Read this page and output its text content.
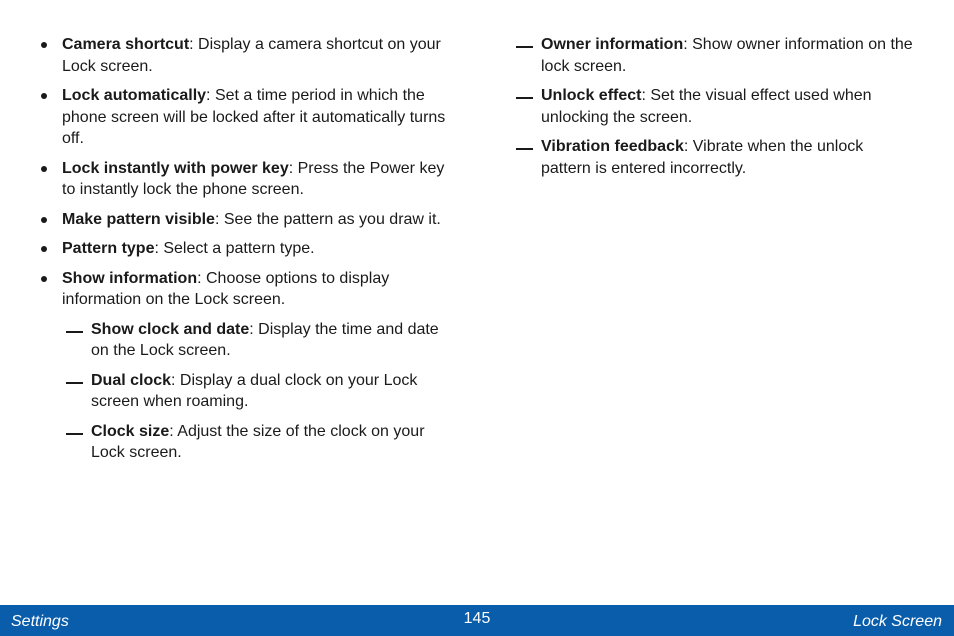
Camera shortcut: Display a camera shortcut on your Lock screen.
Lock automatically: Set a time period in which the phone screen will be locked after it automatically turns off.
Lock instantly with power key: Press the Power key to instantly lock the phone screen.
Make pattern visible: See the pattern as you draw it.
Pattern type: Select a pattern type.
Show information: Choose options to display information on the Lock screen.
Show clock and date: Display the time and date on the Lock screen.
Dual clock: Display a dual clock on your Lock screen when roaming.
Clock size: Adjust the size of the clock on your Lock screen.
Owner information: Show owner information on the lock screen.
Unlock effect: Set the visual effect used when unlocking the screen.
Vibration feedback: Vibrate when the unlock pattern is entered incorrectly.
Settings	145	Lock Screen
